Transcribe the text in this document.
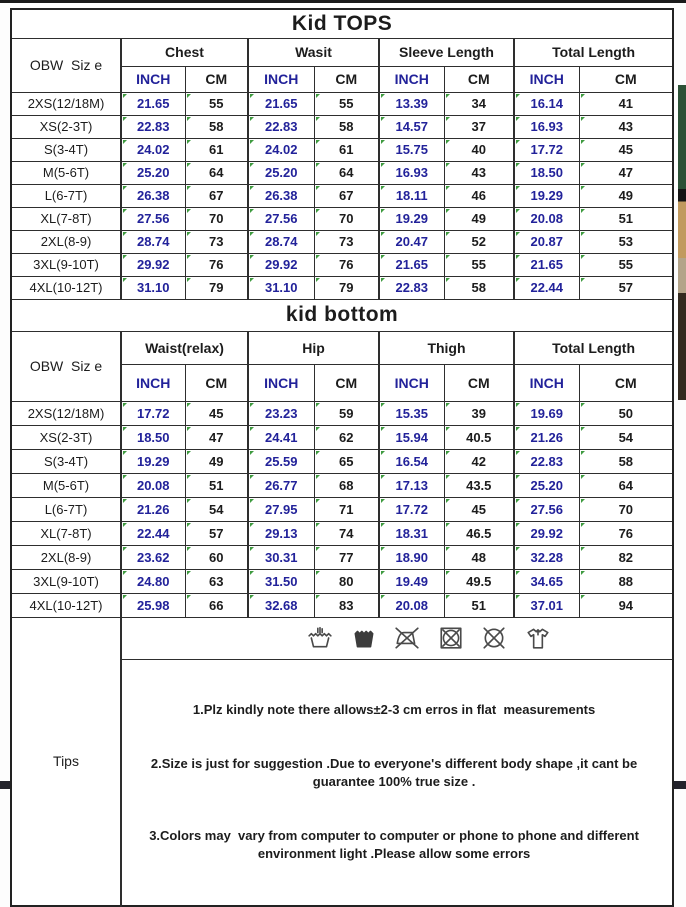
Kid TOPS								
OBW  Siz e	Chest		Wasit		Sleeve Length		Total Length	
	INCH	CM	INCH	CM	INCH	CM	INCH	CM
2XS(12/18M)	21.65	55	21.65	55	13.39	34	16.14	41
XS(2-3T)	22.83	58	22.83	58	14.57	37	16.93	43
S(3-4T)	24.02	61	24.02	61	15.75	40	17.72	45
M(5-6T)	25.20	64	25.20	64	16.93	43	18.50	47
L(6-7T)	26.38	67	26.38	67	18.11	46	19.29	49
XL(7-8T)	27.56	70	27.56	70	19.29	49	20.08	51
2XL(8-9)	28.74	73	28.74	73	20.47	52	20.87	53
3XL(9-10T)	29.92	76	29.92	76	21.65	55	21.65	55
4XL(10-12T)	31.10	79	31.10	79	22.83	58	22.44	57
kid bottom								
OBW  Siz e	Waist(relax)		Hip		Thigh		Total Length	
	INCH	CM	INCH	CM	INCH	CM	INCH	CM
2XS(12/18M)	17.72	45	23.23	59	15.35	39	19.69	50
XS(2-3T)	18.50	47	24.41	62	15.94	40.5	21.26	54
S(3-4T)	19.29	49	25.59	65	16.54	42	22.83	58
M(5-6T)	20.08	51	26.77	68	17.13	43.5	25.20	64
L(6-7T)	21.26	54	27.95	71	17.72	45	27.56	70
XL(7-8T)	22.44	57	29.13	74	18.31	46.5	29.92	76
2XL(8-9)	23.62	60	30.31	77	18.90	48	32.28	82
3XL(9-10T)	24.80	63	31.50	80	19.49	49.5	34.65	88
4XL(10-12T)	25.98	66	32.68	83	20.08	51	37.01	94
Tips	

	1.Plz kindly note there allows±2-3 cm erros in flat  measurements

2.Size is just for suggestion .Due to everyone's different body shape ,it cant be guarantee 100% true size .

3.Colors may  vary from computer to computer or phone to phone and different environment light .Please allow some errors							
